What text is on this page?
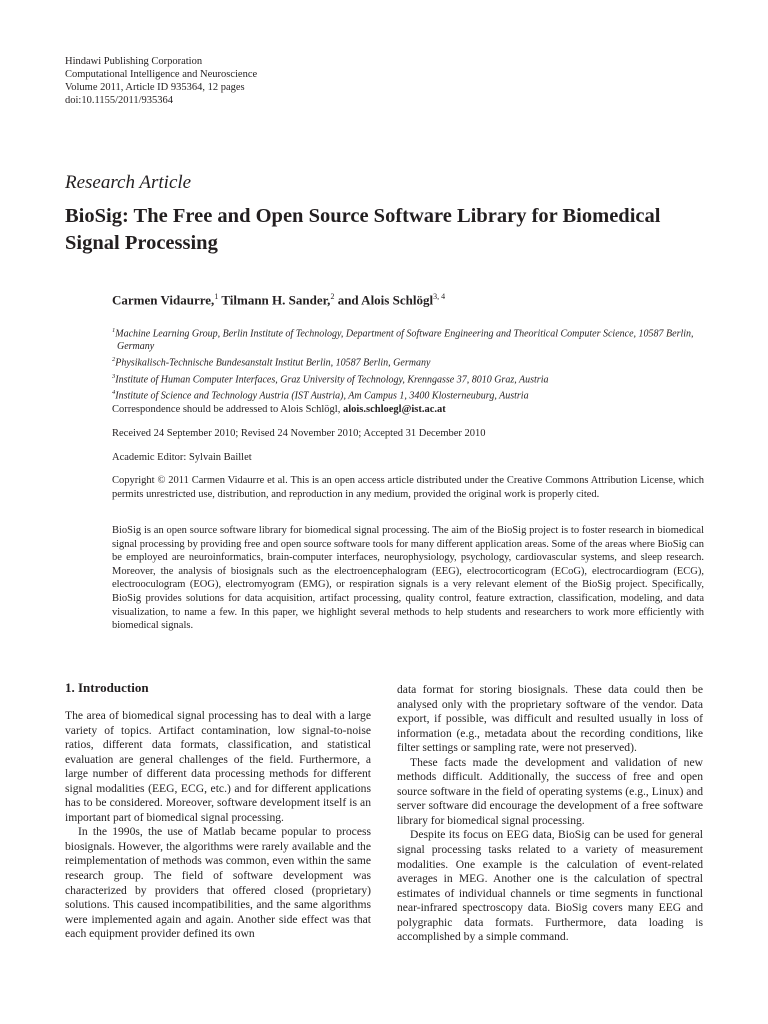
Hindawi Publishing Corporation
Computational Intelligence and Neuroscience
Volume 2011, Article ID 935364, 12 pages
doi:10.1155/2011/935364
Research Article
BioSig: The Free and Open Source Software Library for Biomedical Signal Processing
Carmen Vidaurre,$^1$ Tilmann H. Sander,$^2$ and Alois Schlögl$^{3, 4}$
$^1$Machine Learning Group, Berlin Institute of Technology, Department of Software Engineering and Theoritical Computer Science, 10587 Berlin, Germany
$^2$Physikalisch-Technische Bundesanstalt Institut Berlin, 10587 Berlin, Germany
$^3$Institute of Human Computer Interfaces, Graz University of Technology, Krenngasse 37, 8010 Graz, Austria
$^4$Institute of Science and Technology Austria (IST Austria), Am Campus 1, 3400 Klosterneuburg, Austria
Correspondence should be addressed to Alois Schlögl, alois.schloegl@ist.ac.at
Received 24 September 2010; Revised 24 November 2010; Accepted 31 December 2010
Academic Editor: Sylvain Baillet
Copyright © 2011 Carmen Vidaurre et al. This is an open access article distributed under the Creative Commons Attribution License, which permits unrestricted use, distribution, and reproduction in any medium, provided the original work is properly cited.
BioSig is an open source software library for biomedical signal processing. The aim of the BioSig project is to foster research in biomedical signal processing by providing free and open source software tools for many different application areas. Some of the areas where BioSig can be employed are neuroinformatics, brain-computer interfaces, neurophysiology, psychology, cardiovascular systems, and sleep research. Moreover, the analysis of biosignals such as the electroencephalogram (EEG), electrocorticogram (ECoG), electrocardiogram (ECG), electrooculogram (EOG), electromyogram (EMG), or respiration signals is a very relevant element of the BioSig project. Specifically, BioSig provides solutions for data acquisition, artifact processing, quality control, feature extraction, classification, modeling, and data visualization, to name a few. In this paper, we highlight several methods to help students and researchers to work more efficiently with biomedical signals.
1. Introduction

The area of biomedical signal processing has to deal with a large variety of topics. Artifact contamination, low signal-to-noise ratios, different data formats, classification, and statistical evaluation are general challenges of the field. Furthermore, a large number of different data processing methods for different signal modalities (EEG, ECG, etc.) and for different applications has to be considered. Moreover, software development itself is an important part of biomedical signal processing.

In the 1990s, the use of Matlab became popular to process biosignals. However, the algorithms were rarely available and the reimplementation of methods was common, even within the same research group. The field of software development was characterized by providers that offered closed (proprietary) solutions. This caused incompatibilities, and the same algorithms were implemented again and again. Another side effect was that each equipment provider defined its own

data format for storing biosignals. These data could then be analysed only with the proprietary software of the vendor. Data export, if possible, was difficult and resulted usually in loss of information (e.g., metadata about the recording conditions, like filter settings or sampling rate, were not preserved).

These facts made the development and validation of new methods difficult. Additionally, the success of free and open source software in the field of operating systems (e.g., Linux) and server software did encourage the development of a free software library for biomedical signal processing.

Despite its focus on EEG data, BioSig can be used for general signal processing tasks related to a variety of measurement modalities. One example is the calculation of event-related averages in MEG. Another one is the calculation of spectral estimates of individual channels or time segments in functional near-infrared spectroscopy data. BioSig covers many EEG and polygraphic data formats. Furthermore, data loading is accomplished by a simple command.
